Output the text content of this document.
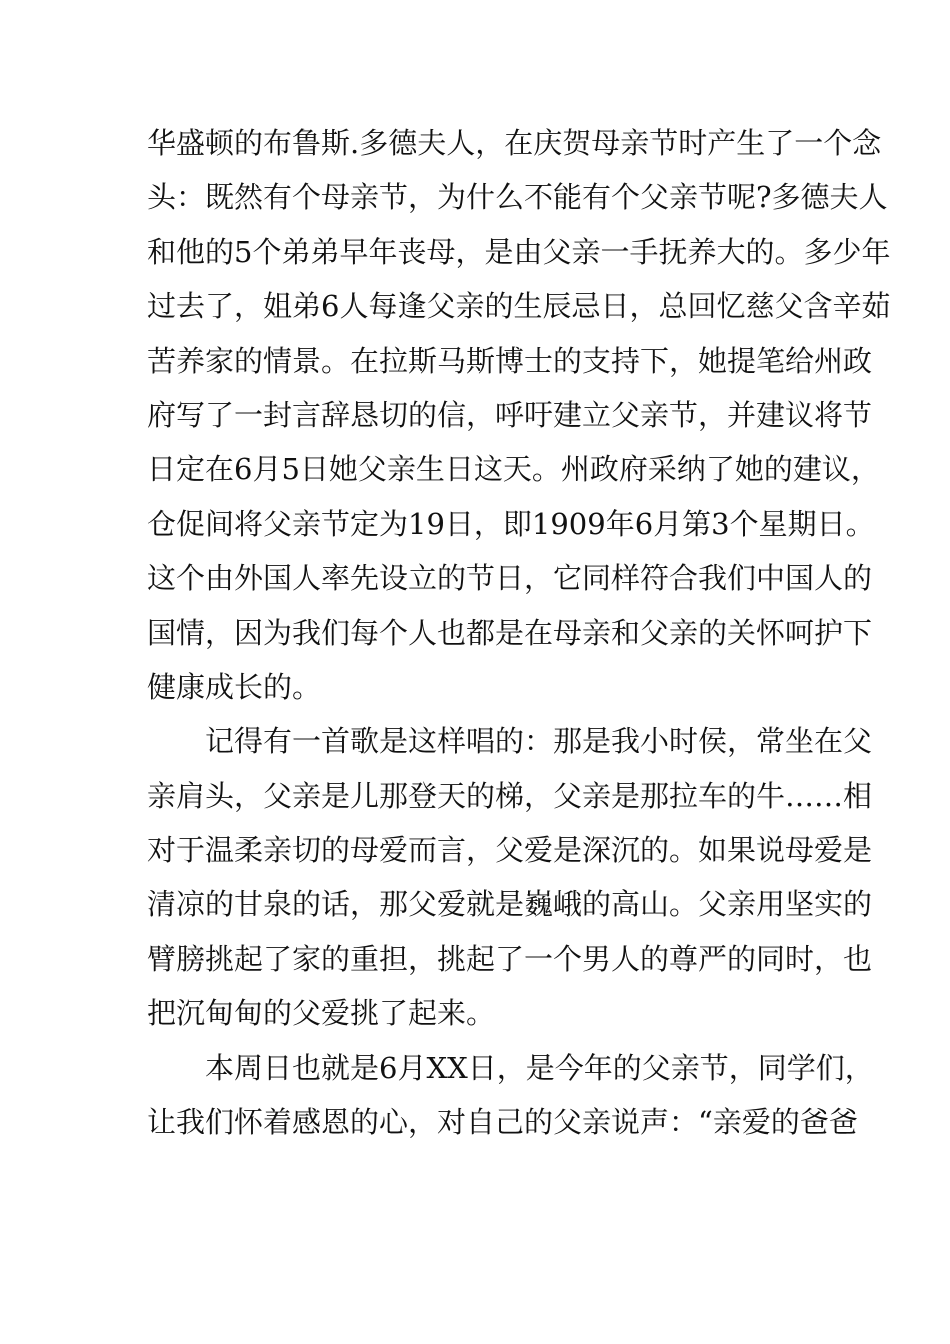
华盛顿的布鲁斯.多德夫人，在庆贺母亲节时产生了一个念
头：既然有个母亲节，为什么不能有个父亲节呢?多德夫人
和他的5个弟弟早年丧母，是由父亲一手抚养大的。多少年
过去了，姐弟6人每逢父亲的生辰忌日，总回忆慈父含辛茹
苦养家的情景。在拉斯马斯博士的支持下，她提笔给州政
府写了一封言辞恳切的信，呼吁建立父亲节，并建议将节
日定在6月5日她父亲生日这天。州政府采纳了她的建议，
仓促间将父亲节定为19日，即1909年6月第3个星期日。
这个由外国人率先设立的节日，它同样符合我们中国人的
国情，因为我们每个人也都是在母亲和父亲的关怀呵护下
健康成长的。
记得有一首歌是这样唱的：那是我小时侯，常坐在父
亲肩头，父亲是儿那登天的梯，父亲是那拉车的牛……相
对于温柔亲切的母爱而言，父爱是深沉的。如果说母爱是
清凉的甘泉的话，那父爱就是巍峨的高山。父亲用坚实的
臂膀挑起了家的重担，挑起了一个男人的尊严的同时，也
把沉甸甸的父爱挑了起来。
本周日也就是6月XX日，是今年的父亲节，同学们，
让我们怀着感恩的心，对自己的父亲说声：“亲爱的爸爸
